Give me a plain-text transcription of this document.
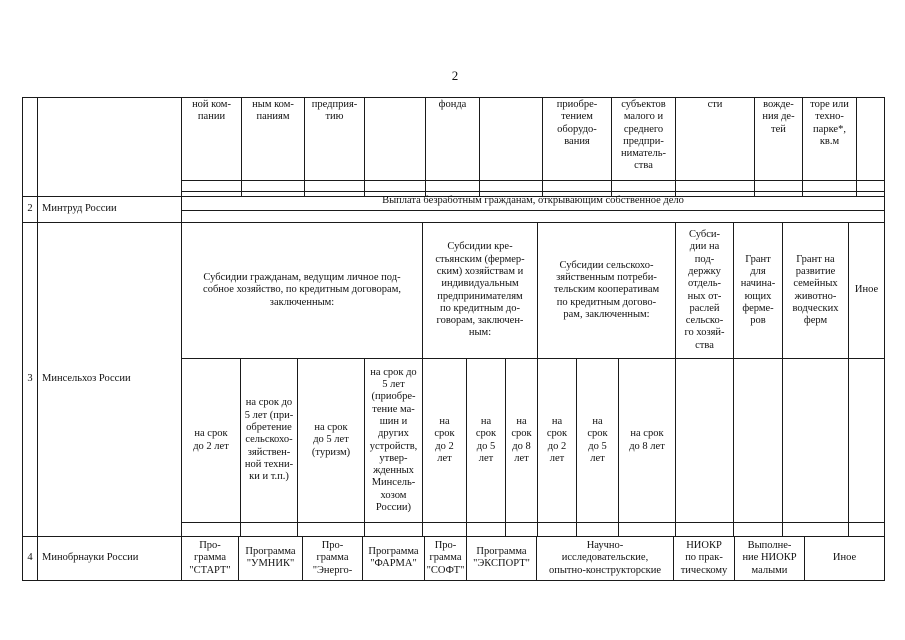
2
ной ком-
пании
ным ком-
паниям
предприя-
тию
фонда	приобре-
тением
оборудо-
вания
субъектов
малого и
среднего
предпри-
ниматель-
ства
сти	вожде-
ния де-
тей
торе или
техно-
парке*,
кв.м
2 Минтруд России
Выплата безработным гражданам, открывающим собственное дело
3 Минсельхоз России
Субсидии гражданам, ведущим личное под-
собное хозяйство, по кредитным договорам,
заключенным:
Субсидии кре-
стьянским (фермер-
ским) хозяйствам и
индивидуальным
предпринимателям
по кредитным до-
говорам, заключен-
ным:
Субсидии сельскохо-
зяйственным потреби-
тельским кооперативам
по кредитным догово-
рам, заключенным:
Субси-
дии на
под-
держку
отдель-
ных от-
раслей
сельско-
го хозяй-
ства
Грант
для
начина-
ющих
ферме-
ров
Грант на
развитие
семейных
животно-
водческих
ферм
Иное
на срок
до 2 лет
на срок до
5 лет (при-
обретение
сельскохо-
зяйствен-
ной техни-
ки и т.п.)
на срок
до 5 лет
(туризм)
на срок до
5 лет
(приобре-
тение ма-
шин и
других
устройств,
утвер-
жденных
Минсель-
хозом
России)
на
срок
до 2
лет
на
срок
до 5
лет
на
срок
до 8
лет
на
срок
до 2
лет
на
срок
до 5
лет
на срок
до 8 лет
4 Минобрнауки России
Про-
грамма
"СТАРТ"
Программа
"УМНИК"
Про-
грамма
"Энерго-
Программа
"ФАРМА"
Про-
грамма
"СОФТ"
Программа
"ЭКСПОРТ"
Научно-
исследовательские,
опытно-конструкторские
НИОКР
по прак-
тическому
Выполне-
ние НИОКР
малыми
Иное
